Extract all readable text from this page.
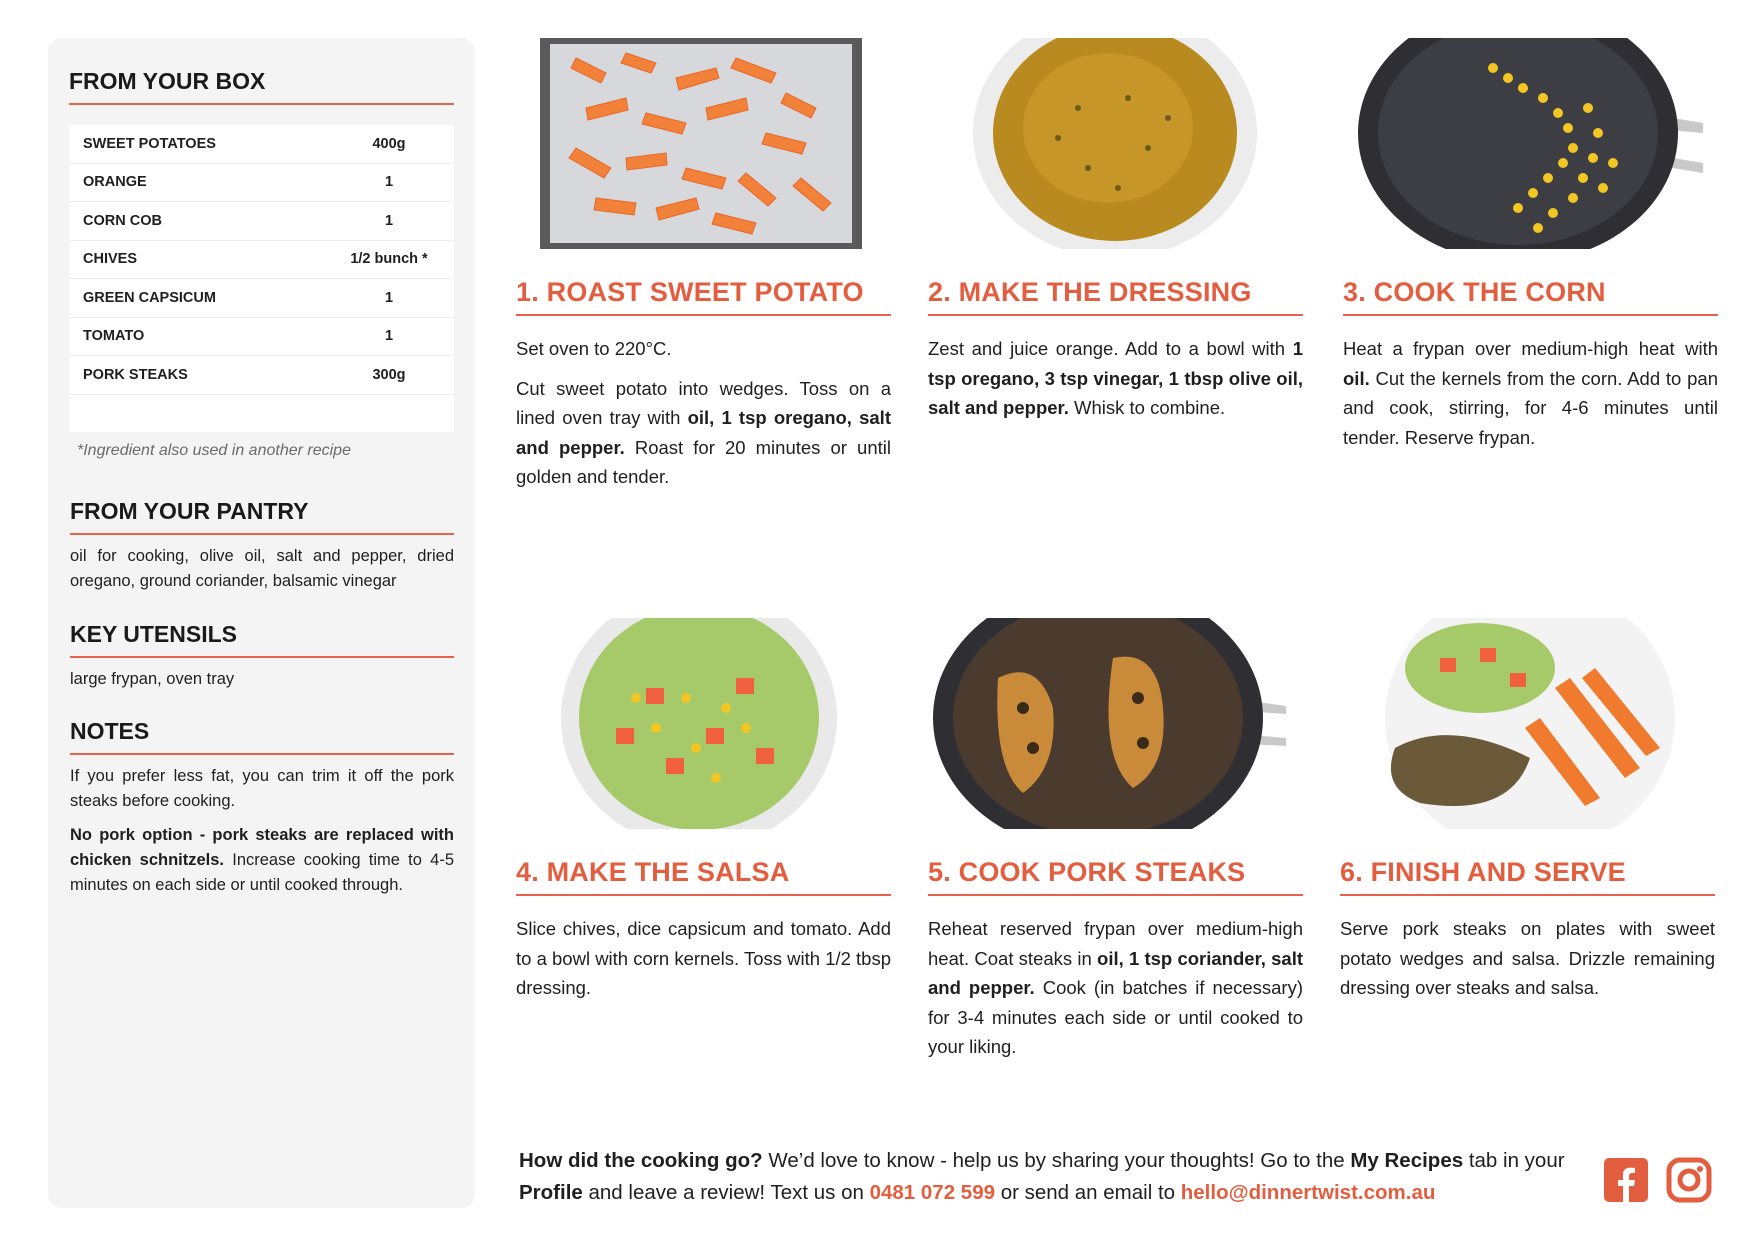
FROM YOUR BOX
SWEET POTATOES	400g
ORANGE	1
CORN COB	1
CHIVES	1/2 bunch *
GREEN CAPSICUM	1
TOMATO	1
PORK STEAKS	300g
*Ingredient also used in another recipe
FROM YOUR PANTRY

oil for cooking, olive oil, salt and pepper, dried oregano, ground coriander, balsamic vinegar

KEY UTENSILS

large frypan, oven tray

NOTES

If you prefer less fat, you can trim it off the pork steaks before cooking.

No pork option - pork steaks are replaced with chicken schnitzels. Increase cooking time to 4-5 minutes on each side or until cooked through.

1. ROAST SWEET POTATO

Set oven to 220°C.

Cut sweet potato into wedges. Toss on a lined oven tray with oil, 1 tsp oregano, salt and pepper. Roast for 20 minutes or until golden and tender.

2. MAKE THE DRESSING

Zest and juice orange. Add to a bowl with 1 tsp oregano, 3 tsp vinegar, 1 tbsp olive oil, salt and pepper. Whisk to combine.

3. COOK THE CORN

Heat a frypan over medium-high heat with oil. Cut the kernels from the corn. Add to pan and cook, stirring, for 4-6 minutes until tender. Reserve frypan.

4. MAKE THE SALSA

Slice chives, dice capsicum and tomato. Add to a bowl with corn kernels. Toss with 1/2 tbsp dressing.

5. COOK PORK STEAKS

Reheat reserved frypan over medium-high heat. Coat steaks in oil, 1 tsp coriander, salt and pepper. Cook (in batches if necessary) for 3-4 minutes each side or until cooked to your liking.

6. FINISH AND SERVE

Serve pork steaks on plates with sweet potato wedges and salsa. Drizzle remaining dressing over steaks and salsa.

How did the cooking go? We’d love to know - help us by sharing your thoughts! Go to the My Recipes tab in your Profile and leave a review! Text us on 0481 072 599 or send an email to hello@dinnertwist.com.au
